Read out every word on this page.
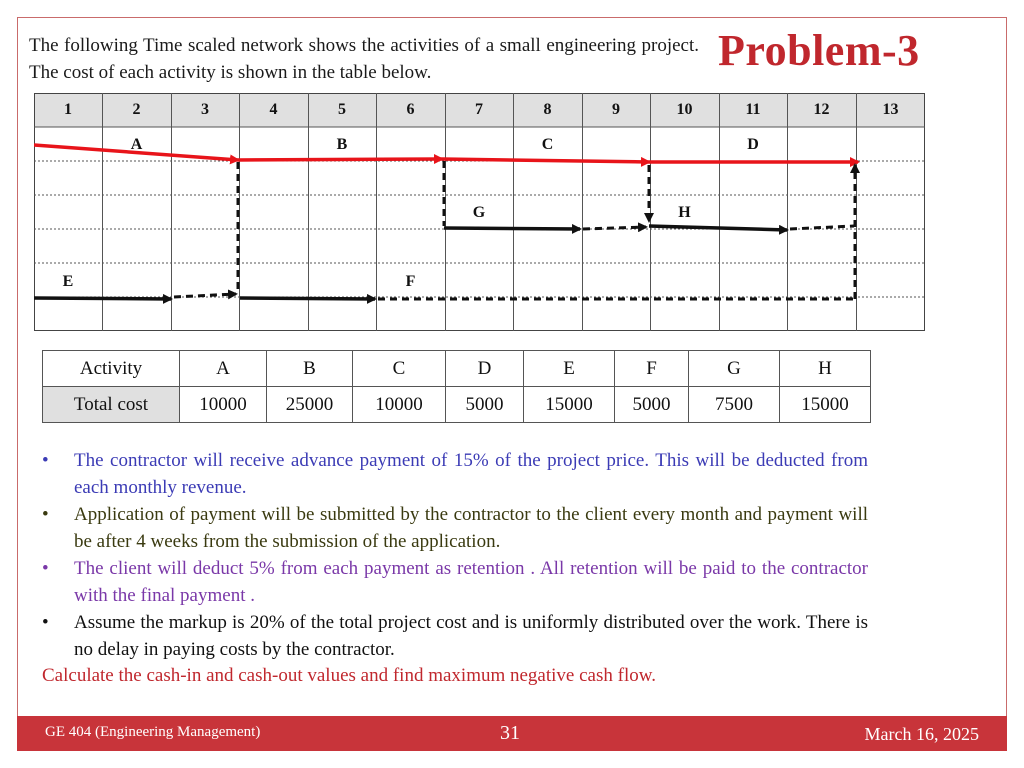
The following Time scaled network shows the activities of a small engineering project. The cost of each activity is shown in the table below.	Problem-3
1	2	3	4	5	6	7	8	9	10	11	12	13
A	B	C	D
G	H
E	F
Activity	A	B	C	D	E	F	G	H
Total cost	10000	25000	10000	5000	15000	5000	7500	15000
•	The contractor will receive advance payment of 15% of the project price. This will be deducted from each monthly revenue.
•	Application of payment will be submitted by the contractor to the client every month and payment will be after 4 weeks from the submission of the application.
•	The client will deduct 5% from each payment as retention . All retention will be paid to the contractor with the final payment .
•	Assume the markup is 20% of the total project cost and is uniformly distributed over the work. There is no delay in paying costs by the contractor.
Calculate the cash-in and cash-out values and find maximum negative cash flow.
GE 404 (Engineering Management)	31	March 16, 2025
